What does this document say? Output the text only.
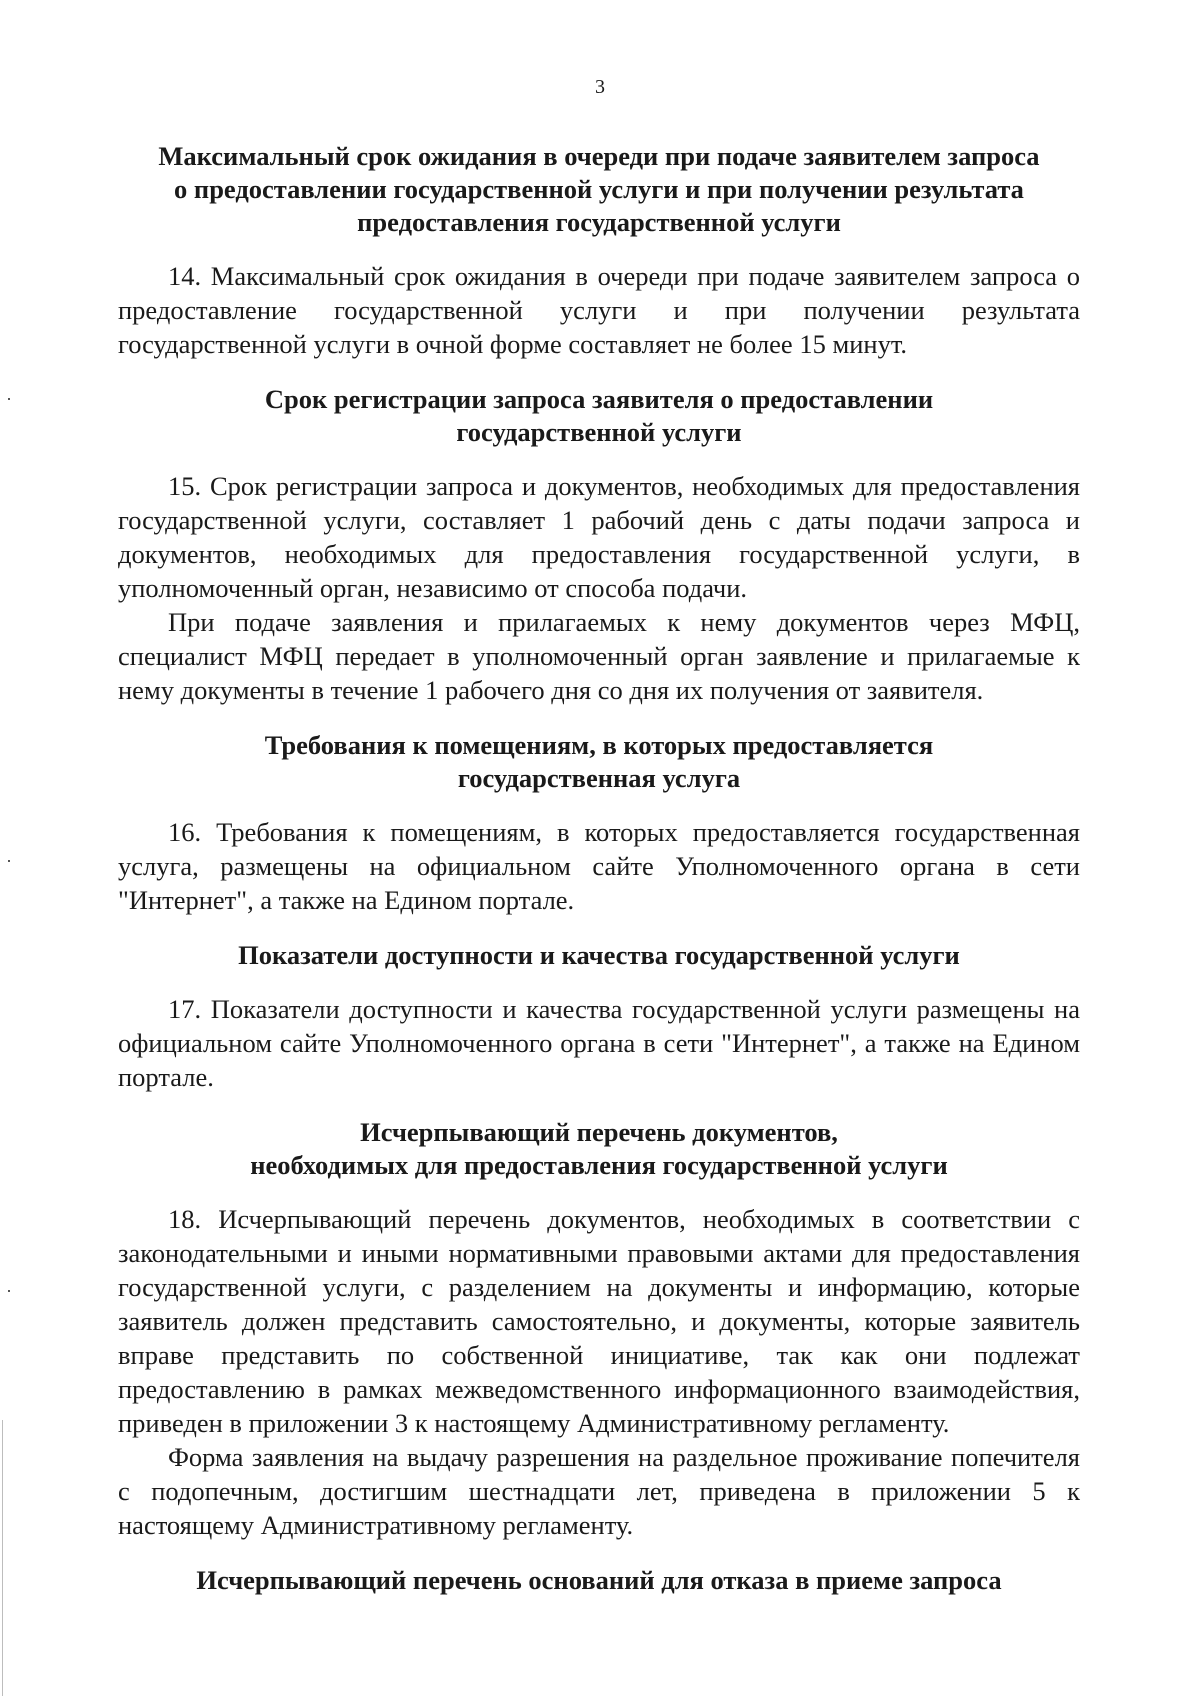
3
Максимальный срок ожидания в очереди при подаче заявителем запроса
о предоставлении государственной услуги и при получении результата
предоставления государственной услуги

14. Максимальный срок ожидания в очереди при подаче заявителем запроса о предоставление государственной услуги и при получении результата государственной услуги в очной форме составляет не более 15 минут.

Срок регистрации запроса заявителя о предоставлении
государственной услуги

15. Срок регистрации запроса и документов, необходимых для предоставления государственной услуги, составляет 1 рабочий день с даты подачи запроса и документов, необходимых для предоставления государственной услуги, в уполномоченный орган, независимо от способа подачи.

При подаче заявления и прилагаемых к нему документов через МФЦ, специалист МФЦ передает в уполномоченный орган заявление и прилагаемые к нему документы в течение 1 рабочего дня со дня их получения от заявителя.

Требования к помещениям, в которых предоставляется
государственная услуга

16. Требования к помещениям, в которых предоставляется государственная услуга, размещены на официальном сайте Уполномоченного органа в сети "Интернет", а также на Едином портале.

Показатели доступности и качества государственной услуги

17. Показатели доступности и качества государственной услуги размещены на официальном сайте Уполномоченного органа в сети "Интернет", а также на Едином портале.

Исчерпывающий перечень документов,
необходимых для предоставления государственной услуги

18. Исчерпывающий перечень документов, необходимых в соответствии с законодательными и иными нормативными правовыми актами для предоставления государственной услуги, с разделением на документы и информацию, которые заявитель должен представить самостоятельно, и документы, которые заявитель вправе представить по собственной инициативе, так как они подлежат предоставлению в рамках межведомственного информационного взаимодействия, приведен в приложении 3 к настоящему Административному регламенту.

Форма заявления на выдачу разрешения на раздельное проживание попечителя с подопечным, достигшим шестнадцати лет, приведена в приложении 5 к настоящему Административному регламенту.

Исчерпывающий перечень оснований для отказа в приеме запроса
